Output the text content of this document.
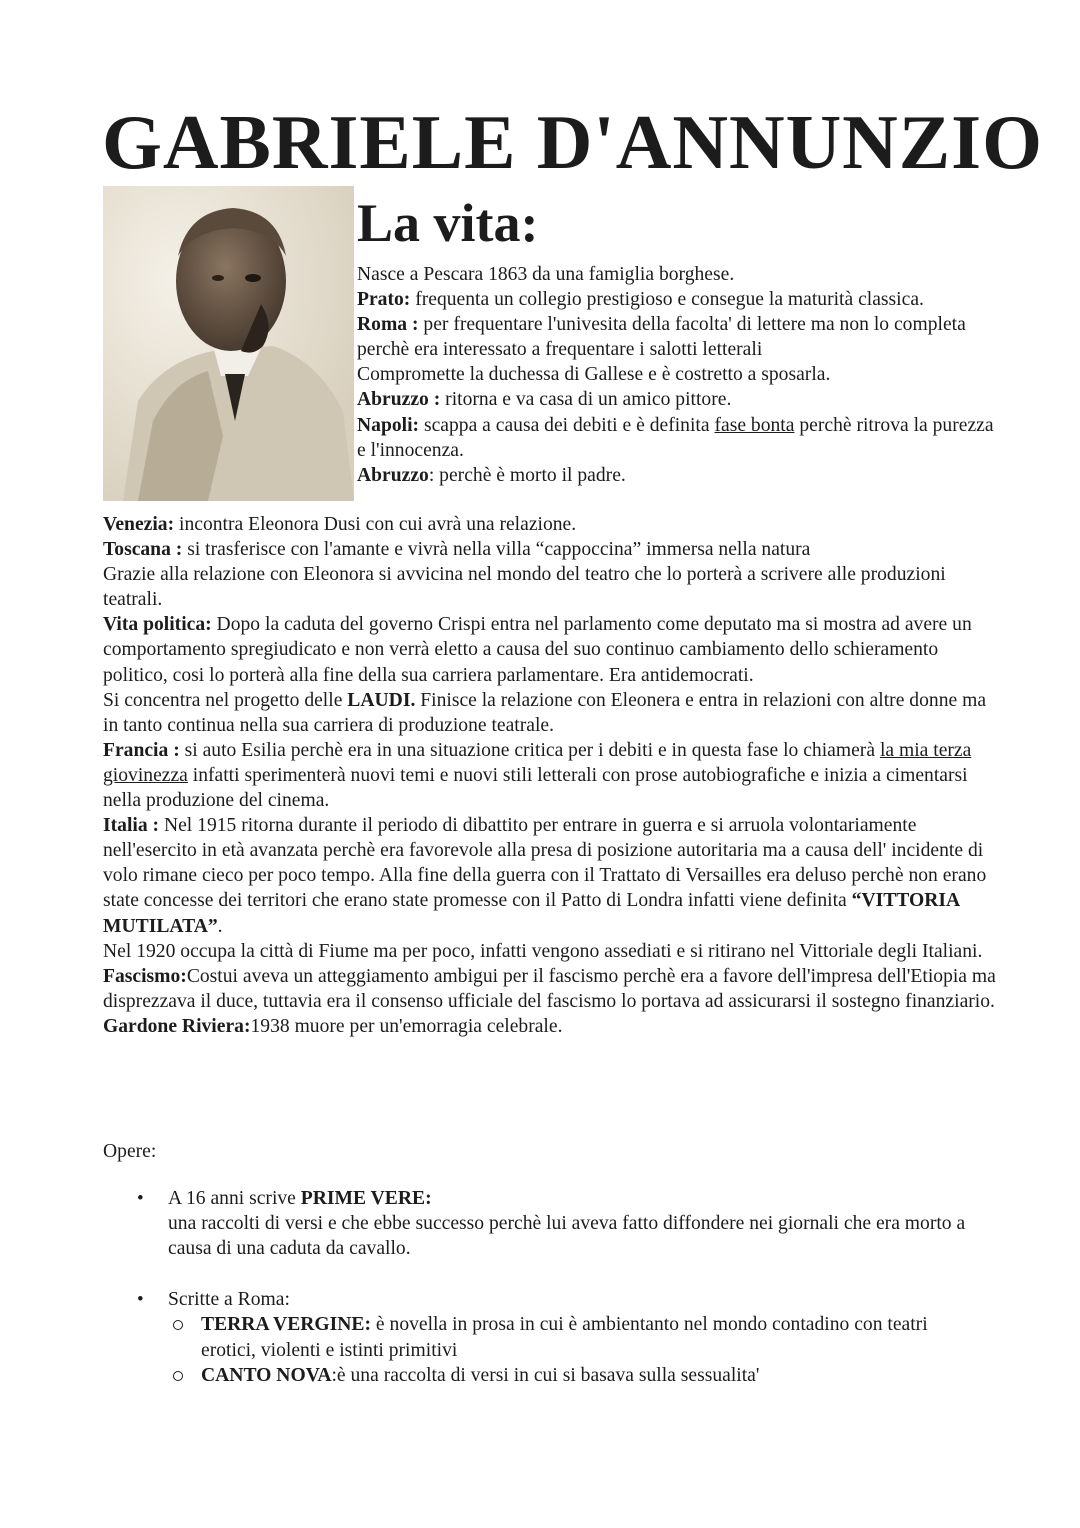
GABRIELE D'ANNUNZIO
La vita:

Nasce a Pescara 1863 da una famiglia borghese.

Prato: frequenta un collegio prestigioso e consegue la maturità classica.

Roma : per frequentare l'univesita della facolta' di lettere ma non lo completa perchè era interessato a frequentare i salotti letterali

Compromette la duchessa di Gallese e è costretto a sposarla.

Abruzzo : ritorna e va casa di un amico pittore.

Napoli: scappa a causa dei debiti e è definita fase bonta perchè ritrova la purezza e l'innocenza.

Abruzzo: perchè è morto il padre.

Venezia: incontra Eleonora Dusi con cui avrà una relazione.

Toscana : si trasferisce con l'amante e vivrà nella villa “cappoccina” immersa nella natura

Grazie alla relazione con Eleonora si avvicina nel mondo del teatro che lo porterà a scrivere alle produzioni teatrali.

Vita politica: Dopo la caduta del governo Crispi entra nel parlamento come deputato ma si mostra ad avere un comportamento spregiudicato e non verrà eletto a causa del suo continuo cambiamento dello schieramento politico, cosi lo porterà alla fine della sua carriera parlamentare. Era antidemocrati.

Si concentra nel progetto delle LAUDI. Finisce la relazione con Eleonera e entra in relazioni con altre donne ma in tanto continua nella sua carriera di produzione teatrale.

Francia : si auto Esilia perchè era in una situazione critica per i debiti e in questa fase lo chiamerà la mia terza giovinezza infatti sperimenterà nuovi temi e nuovi stili letterali con prose autobiografiche e inizia a cimentarsi nella produzione del cinema.

Italia : Nel 1915 ritorna durante il periodo di dibattito per entrare in guerra e si arruola volontariamente nell'esercito in età avanzata perchè era favorevole alla presa di posizione autoritaria ma a causa dell' incidente di volo rimane cieco per poco tempo. Alla fine della guerra con il Trattato di Versailles era deluso perchè non erano state concesse dei territori che erano state promesse con il Patto di Londra infatti viene definita “VITTORIA MUTILATA”.

Nel 1920 occupa la città di Fiume ma per poco, infatti vengono assediati e si ritirano nel Vittoriale degli Italiani.

Fascismo:Costui aveva un atteggiamento ambigui per il fascismo perchè era a favore dell'impresa dell'Etiopia ma disprezzava il duce, tuttavia era il consenso ufficiale del fascismo lo portava ad assicurarsi il sostegno finanziario.

Gardone Riviera:1938 muore per un'emorragia celebrale.

Opere:

• A 16 anni scrive PRIME VERE:
una raccolti di versi e che ebbe successo perchè lui aveva fatto diffondere nei giornali che era morto a causa di una caduta da cavallo.
• Scritte a Roma:
TERRA VERGINE: è novella in prosa in cui è ambientanto nel mondo contadino con teatri erotici, violenti e istinti primitivi
CANTO NOVA:è una raccolta di versi in cui si basava sulla sessualita'
